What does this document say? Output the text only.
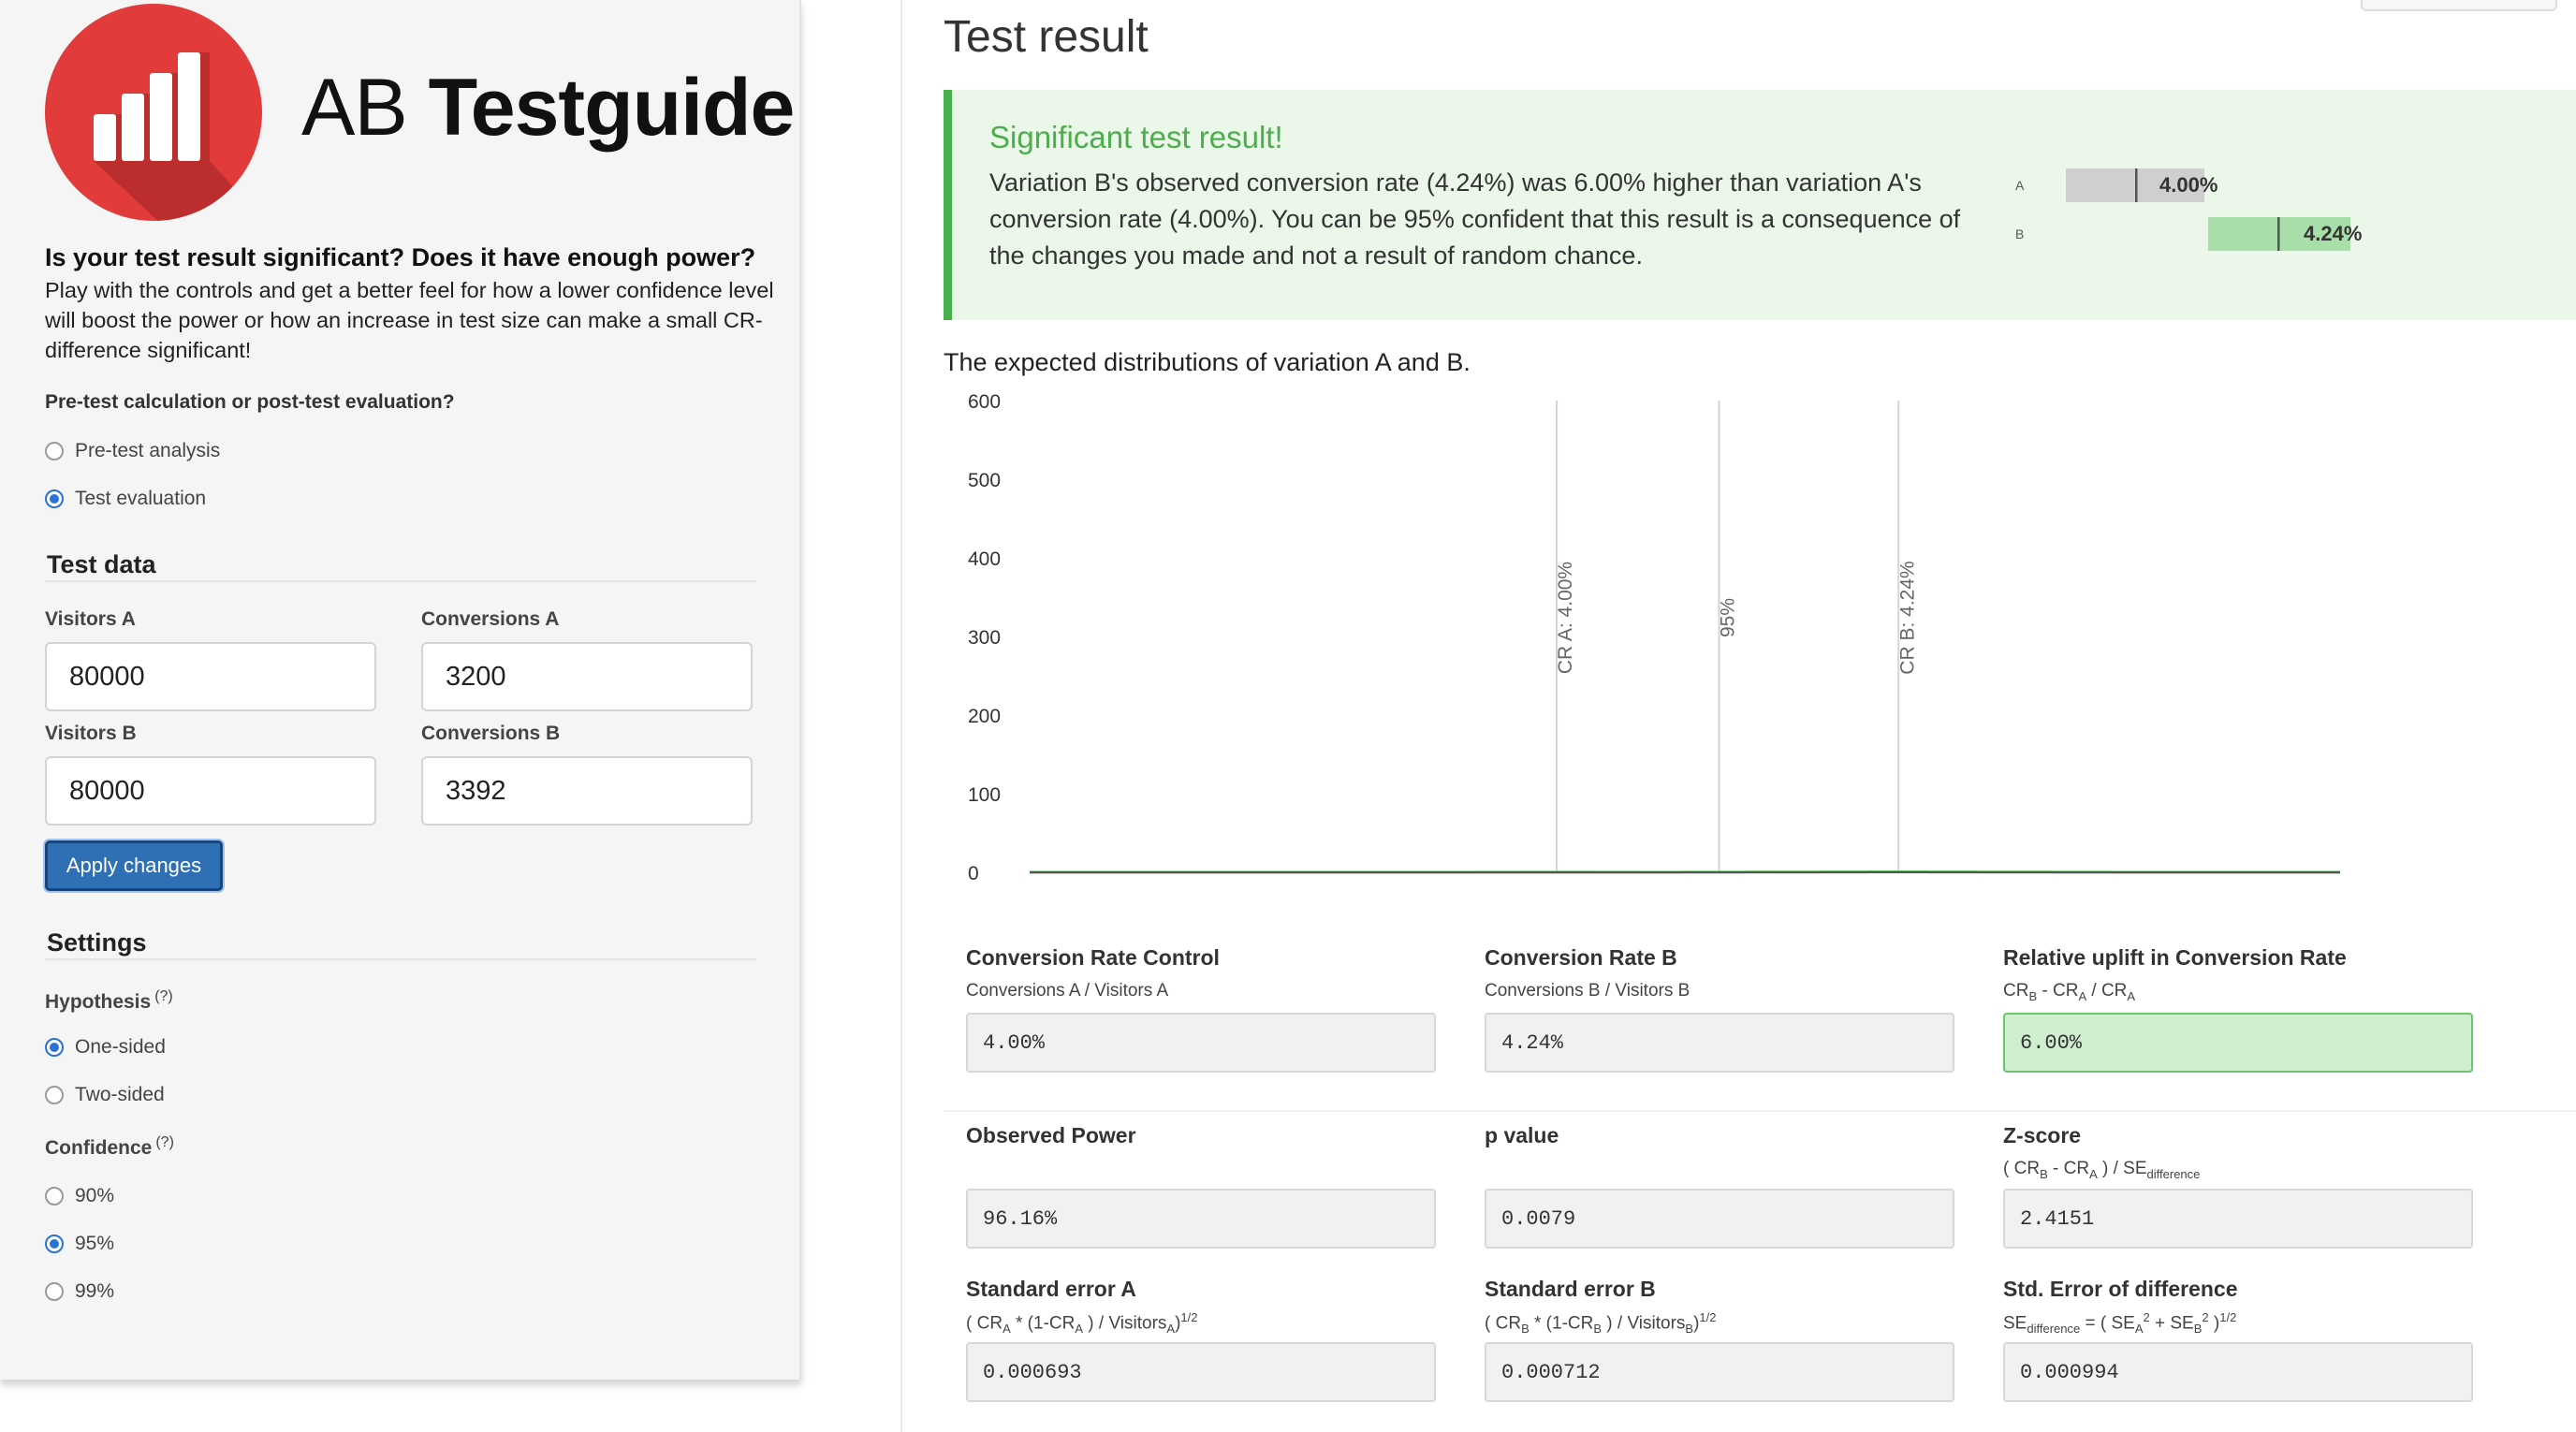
AB Testguide
Is your test result significant? Does it have enough power?
Play with the controls and get a better feel for how a lower confidence level will boost the power or how an increase in test size can make a small CR-difference significant!
Pre-test calculation or post-test evaluation?
Pre-test analysis
Test evaluation
Test data
Visitors A	Conversions A
80000	3200
Visitors B	Conversions B
80000	3392
Apply changes
Settings
Hypothesis (?)
One-sided
Two-sided
Confidence (?)
90%
95%
99%
Test result
Significant test result!
Variation B's observed conversion rate (4.24%) was 6.00% higher than variation A's conversion rate (4.00%). You can be 95% confident that this result is a consequence of the changes you made and not a result of random chance.
A
B
4.00%
4.24%
The expected distributions of variation A and B.
600
500
400
300
200
100
0
CR A: 4.00%	95%	CR B: 4.24%
Conversion Rate Control
Conversions A / Visitors A
4.00%
Conversion Rate B
Conversions B / Visitors B
4.24%
Relative uplift in Conversion Rate
$CR_B - CR_A / CR_A$
6.00%
Observed Power
96.16%
p value
0.0079
Z-score
( $CR_B - CR_A$ ) / $SE_{difference}$
2.4151
Standard error A
( $CR_A * (1-CR_A$ ) / Visitors$_A$)$^{1/2}$
0.000693
Standard error B
( $CR_B * (1-CR_B$ ) / Visitors$_B$)$^{1/2}$
0.000712
Std. Error of difference
$SE_{difference}$ = ( $SE_A^2 + SE_B^2$ )$^{1/2}$
0.000994
